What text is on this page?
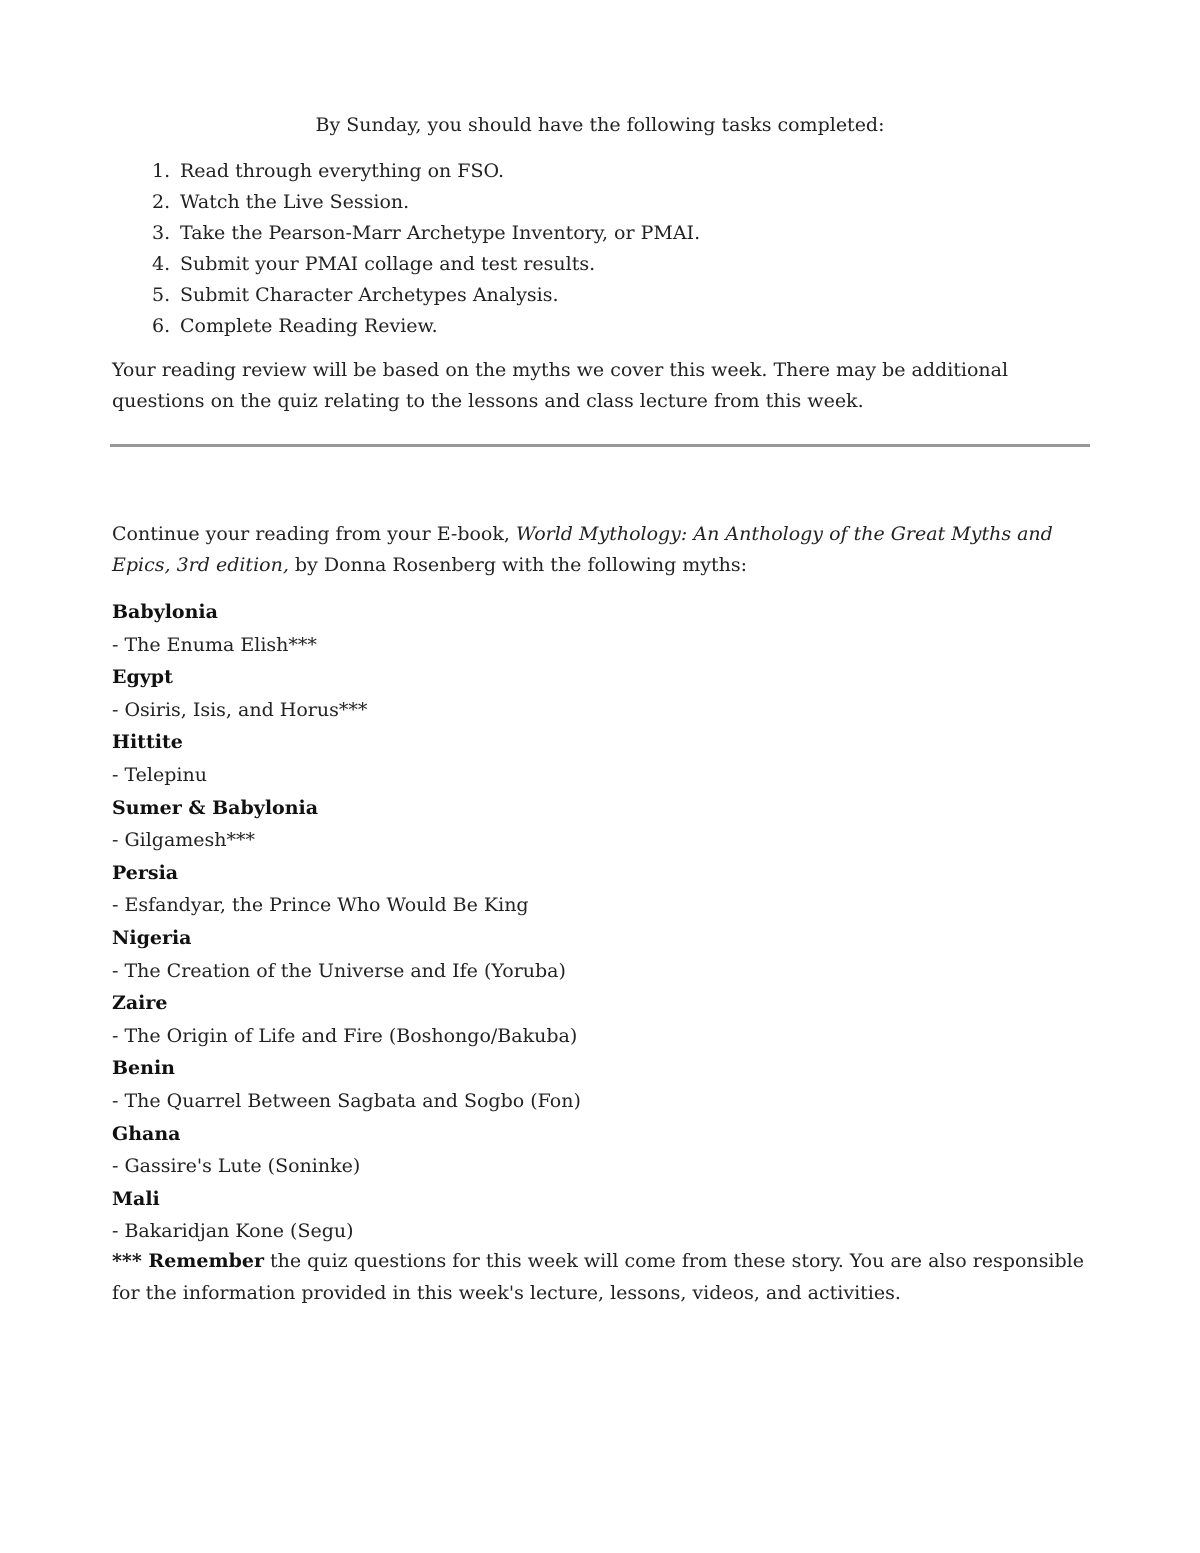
By Sunday, you should have the following tasks completed:

1. Read through everything on FSO.
2. Watch the Live Session.
3. Take the Pearson-Marr Archetype Inventory, or PMAI.
4. Submit your PMAI collage and test results.
5. Submit Character Archetypes Analysis.
6. Complete Reading Review.

Your reading review will be based on the myths we cover this week. There may be additional questions on the quiz relating to the lessons and class lecture from this week.

Continue your reading from your E-book, World Mythology: An Anthology of the Great Myths and Epics, 3rd edition, by Donna Rosenberg with the following myths:

Babylonia
- The Enuma Elish***
Egypt
- Osiris, Isis, and Horus***
Hittite
- Telepinu
Sumer & Babylonia
- Gilgamesh***
Persia
- Esfandyar, the Prince Who Would Be King
Nigeria
- The Creation of the Universe and Ife (Yoruba)
Zaire
- The Origin of Life and Fire (Boshongo/Bakuba)
Benin
- The Quarrel Between Sagbata and Sogbo (Fon)
Ghana
- Gassire's Lute (Soninke)
Mali
- Bakaridjan Kone (Segu)

*** Remember the quiz questions for this week will come from these story. You are also responsible for the information provided in this week's lecture, lessons, videos, and activities.
